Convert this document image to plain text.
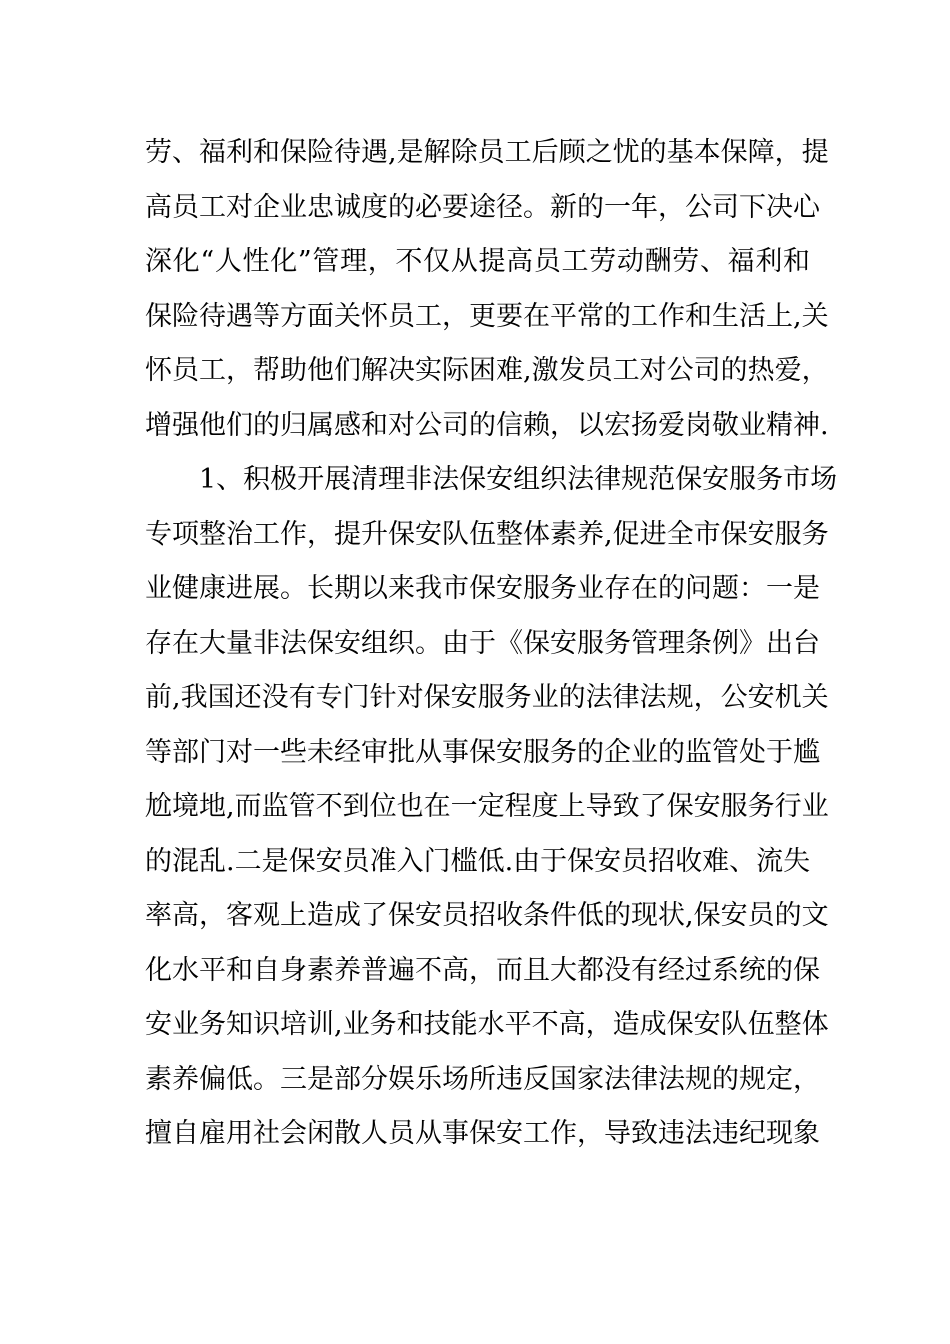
劳、福利和保险待遇,是解除员工后顾之忧的基本保障，提
高员工对企业忠诚度的必要途径。新的一年，公司下决心
深化“人性化”管理，不仅从提高员工劳动酬劳、福利和
保险待遇等方面关怀员工，更要在平常的工作和生活上,关
怀员工，帮助他们解决实际困难,激发员工对公司的热爱，
增强他们的归属感和对公司的信赖，以宏扬爱岗敬业精神.
1、积极开展清理非法保安组织法律规范保安服务市场
专项整治工作，提升保安队伍整体素养,促进全市保安服务
业健康进展。长期以来我市保安服务业存在的问题：一是
存在大量非法保安组织。由于《保安服务管理条例》出台
前,我国还没有专门针对保安服务业的法律法规，公安机关
等部门对一些未经审批从事保安服务的企业的监管处于尴
尬境地,而监管不到位也在一定程度上导致了保安服务行业
的混乱.二是保安员准入门槛低.由于保安员招收难、流失
率高，客观上造成了保安员招收条件低的现状,保安员的文
化水平和自身素养普遍不高，而且大都没有经过系统的保
安业务知识培训,业务和技能水平不高，造成保安队伍整体
素养偏低。三是部分娱乐场所违反国家法律法规的规定，
擅自雇用社会闲散人员从事保安工作，导致违法违纪现象
